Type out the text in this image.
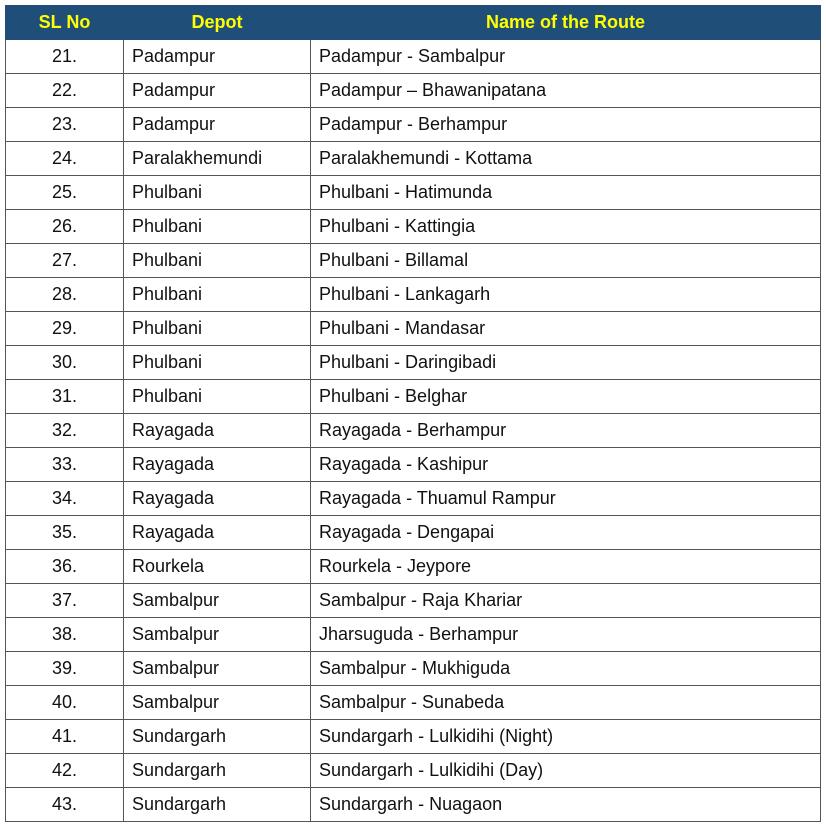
SL No	Depot	Name of the Route
21.	Padampur	Padampur - Sambalpur
22.	Padampur	Padampur – Bhawanipatana
23.	Padampur	Padampur - Berhampur
24.	Paralakhemundi	Paralakhemundi - Kottama
25.	Phulbani	Phulbani - Hatimunda
26.	Phulbani	Phulbani - Kattingia
27.	Phulbani	Phulbani - Billamal
28.	Phulbani	Phulbani - Lankagarh
29.	Phulbani	Phulbani - Mandasar
30.	Phulbani	Phulbani - Daringibadi
31.	Phulbani	Phulbani - Belghar
32.	Rayagada	Rayagada - Berhampur
33.	Rayagada	Rayagada - Kashipur
34.	Rayagada	Rayagada - Thuamul Rampur
35.	Rayagada	Rayagada - Dengapai
36.	Rourkela	Rourkela - Jeypore
37.	Sambalpur	Sambalpur - Raja Khariar
38.	Sambalpur	Jharsuguda - Berhampur
39.	Sambalpur	Sambalpur - Mukhiguda
40.	Sambalpur	Sambalpur - Sunabeda
41.	Sundargarh	Sundargarh - Lulkidihi (Night)
42.	Sundargarh	Sundargarh - Lulkidihi (Day)
43.	Sundargarh	Sundargarh - Nuagaon
